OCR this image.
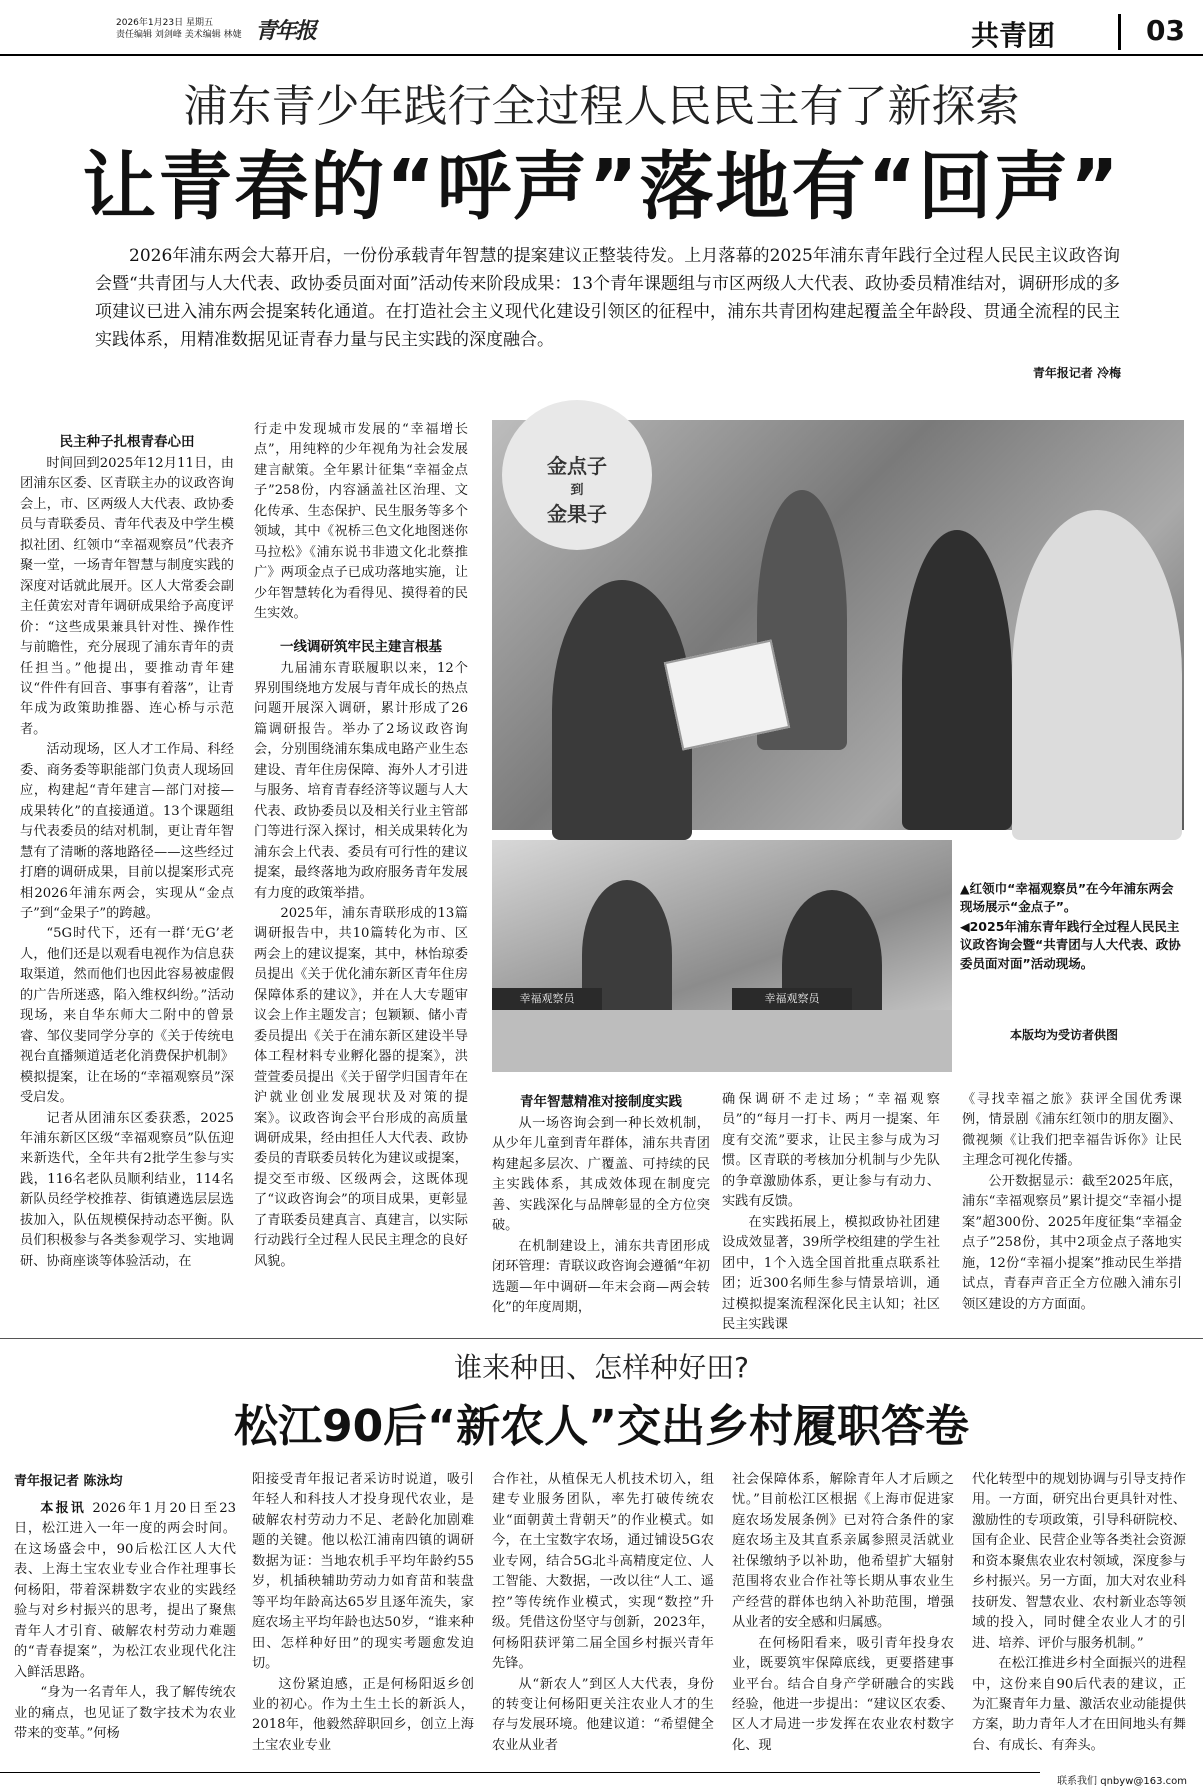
2026年1月23日 星期五
责任编辑 刘剑峰 美术编辑 林婕 青年报	共青团	03
浦东青少年践行全过程人民民主有了新探索
让青春的“呼声”落地有“回声”
2026年浦东两会大幕开启，一份份承载青年智慧的提案建议正整装待发。上月落幕的2025年浦东青年践行全过程人民民主议政咨询会暨“共青团与人大代表、政协委员面对面”活动传来阶段成果：13个青年课题组与市区两级人大代表、政协委员精准结对，调研形成的多项建议已进入浦东两会提案转化通道。在打造社会主义现代化建设引领区的征程中，浦东共青团构建起覆盖全年龄段、贯通全流程的民主实践体系，用精准数据见证青春力量与民主实践的深度融合。
青年报记者 冷梅
民主种子扎根青春心田

时间回到2025年12月11日，由团浦东区委、区青联主办的议政咨询会上，市、区两级人大代表、政协委员与青联委员、青年代表及中学生模拟社团、红领巾“幸福观察员”代表齐聚一堂，一场青年智慧与制度实践的深度对话就此展开。区人大常委会副主任黄宏对青年调研成果给予高度评价：“这些成果兼具针对性、操作性与前瞻性，充分展现了浦东青年的责任担当。”他提出，要推动青年建议“件件有回音、事事有着落”，让青年成为政策助推器、连心桥与示范者。

活动现场，区人才工作局、科经委、商务委等职能部门负责人现场回应，构建起“青年建言—部门对接—成果转化”的直接通道。13个课题组与代表委员的结对机制，更让青年智慧有了清晰的落地路径——这些经过打磨的调研成果，目前以提案形式亮相2026年浦东两会，实现从“金点子”到“金果子”的跨越。

“5G时代下，还有一群‘无G’老人，他们还是以观看电视作为信息获取渠道，然而他们也因此容易被虚假的广告所迷惑，陷入维权纠纷。”活动现场，来自华东师大二附中的曾景睿、邹仪斐同学分享的《关于传统电视台直播频道适老化消费保护机制》模拟提案，让在场的“幸福观察员”深受启发。

记者从团浦东区委获悉，2025年浦东新区区级“幸福观察员”队伍迎来新迭代，全年共有2批学生参与实践，116名老队员顺利结业，114名新队员经学校推荐、街镇遴选层层选拔加入，队伍规模保持动态平衡。队员们积极参与各类参观学习、实地调研、协商座谈等体验活动，在

行走中发现城市发展的“幸福增长点”，用纯粹的少年视角为社会发展建言献策。全年累计征集“幸福金点子”258份，内容涵盖社区治理、文化传承、生态保护、民生服务等多个领域，其中《祝桥三色文化地图迷你马拉松》《浦东说书非遗文化北蔡推广》两项金点子已成功落地实施，让少年智慧转化为看得见、摸得着的民生实效。

一线调研筑牢民主建言根基

九届浦东青联履职以来，12个界别围绕地方发展与青年成长的热点问题开展深入调研，累计形成了26篇调研报告。举办了2场议政咨询会，分别围绕浦东集成电路产业生态建设、青年住房保障、海外人才引进与服务、培育青春经济等议题与人大代表、政协委员以及相关行业主管部门等进行深入探讨，相关成果转化为浦东会上代表、委员有可行性的建议提案，最终落地为政府服务青年发展有力度的政策举措。

2025年，浦东青联形成的13篇调研报告中，共10篇转化为市、区两会上的建议提案，其中，林怡琼委员提出《关于优化浦东新区青年住房保障体系的建议》，并在人大专题审议会上作主题发言；包颖颖、储小青委员提出《关于在浦东新区建设半导体工程材料专业孵化器的提案》，洪萱萱委员提出《关于留学归国青年在沪就业创业发展现状及对策的提案》。议政咨询会平台形成的高质量调研成果，经由担任人大代表、政协委员的青联委员转化为建议或提案，提交至市级、区级两会，这既体现了“议政咨询会”的项目成果，更彰显了青联委员建真言、真建言，以实际行动践行全过程人民民主理念的良好风貌。

金点子
到
金果子
幸福观察员	幸福观察员

▲红领巾“幸福观察员”在今年浦东两会现场展示“金点子”。

◀2025年浦东青年践行全过程人民民主议政咨询会暨“共青团与人大代表、政协委员面对面”活动现场。

本版均为受访者供图
青年智慧精准对接制度实践

从一场咨询会到一种长效机制，从少年儿童到青年群体，浦东共青团构建起多层次、广覆盖、可持续的民主实践体系，其成效体现在制度完善、实践深化与品牌彰显的全方位突破。

在机制建设上，浦东共青团形成闭环管理：青联议政咨询会遵循“年初选题—年中调研—年末会商—两会转化”的年度周期，

确保调研不走过场；“幸福观察员”的“每月一打卡、两月一提案、年度有交流”要求，让民主参与成为习惯。区青联的考核加分机制与少先队的争章激励体系，更让参与有动力、实践有反馈。

在实践拓展上，模拟政协社团建设成效显著，39所学校组建的学生社团中，1个入选全国首批重点联系社团；近300名师生参与情景培训，通过模拟提案流程深化民主认知；社区民主实践课

《寻找幸福之旅》获评全国优秀课例，情景剧《浦东红领巾的朋友圈》、微视频《让我们把幸福告诉你》让民主理念可视化传播。

公开数据显示：截至2025年底，浦东“幸福观察员”累计提交“幸福小提案”超300份、2025年度征集“幸福金点子”258份，其中2项金点子落地实施，12份“幸福小提案”推动民生举措试点，青春声音正全方位融入浦东引领区建设的方方面面。

谁来种田、怎样种好田?
松江90后“新农人”交出乡村履职答卷
青年报记者 陈泳均

本报讯 2026年1月20日至23日，松江进入一年一度的两会时间。在这场盛会中，90后松江区人大代表、上海土宝农业专业合作社理事长何杨阳，带着深耕数字农业的实践经验与对乡村振兴的思考，提出了聚焦青年人才引育、破解农村劳动力难题的“青春提案”，为松江农业现代化注入鲜活思路。

“身为一名青年人，我了解传统农业的痛点，也见证了数字技术为农业带来的变革。”何杨

阳接受青年报记者采访时说道，吸引年轻人和科技人才投身现代农业，是破解农村劳动力不足、老龄化加剧难题的关键。他以松江浦南四镇的调研数据为证：当地农机手平均年龄约55岁，机插秧辅助劳动力如育苗和装盘等平均年龄高达65岁且逐年流失，家庭农场主平均年龄也达50岁，“谁来种田、怎样种好田”的现实考题愈发迫切。

这份紧迫感，正是何杨阳返乡创业的初心。作为土生土长的新浜人，2018年，他毅然辞职回乡，创立上海土宝农业专业

合作社，从植保无人机技术切入，组建专业服务团队，率先打破传统农业“面朝黄土背朝天”的作业模式。如今，在土宝数字农场，通过铺设5G农业专网，结合5G北斗高精度定位、人工智能、大数据，一改以往“人工、遥控”等传统作业模式，实现“数控”升级。凭借这份坚守与创新，2023年，何杨阳获评第二届全国乡村振兴青年先锋。

从“新农人”到区人大代表，身份的转变让何杨阳更关注农业人才的生存与发展环境。他建议道：“希望健全农业从业者

社会保障体系，解除青年人才后顾之忧。”目前松江区根据《上海市促进家庭农场发展条例》已对符合条件的家庭农场主及其直系亲属参照灵活就业社保缴纳予以补助，他希望扩大辐射范围将农业合作社等长期从事农业生产经营的群体也纳入补助范围，增强从业者的安全感和归属感。

在何杨阳看来，吸引青年投身农业，既要筑牢保障底线，更要搭建事业平台。结合自身产学研融合的实践经验，他进一步提出：“建议区农委、区人才局进一步发挥在农业农村数字化、现

代化转型中的规划协调与引导支持作用。一方面，研究出台更具针对性、激励性的专项政策，引导科研院校、国有企业、民营企业等各类社会资源和资本聚焦农业农村领域，深度参与乡村振兴。另一方面，加大对农业科技研发、智慧农业、农村新业态等领域的投入，同时健全农业人才的引进、培养、评价与服务机制。”

在松江推进乡村全面振兴的进程中，这份来自90后代表的建议，正为汇聚青年力量、激活农业动能提供方案，助力青年人才在田间地头有舞台、有成长、有奔头。

联系我们 qnbyw@163.com
